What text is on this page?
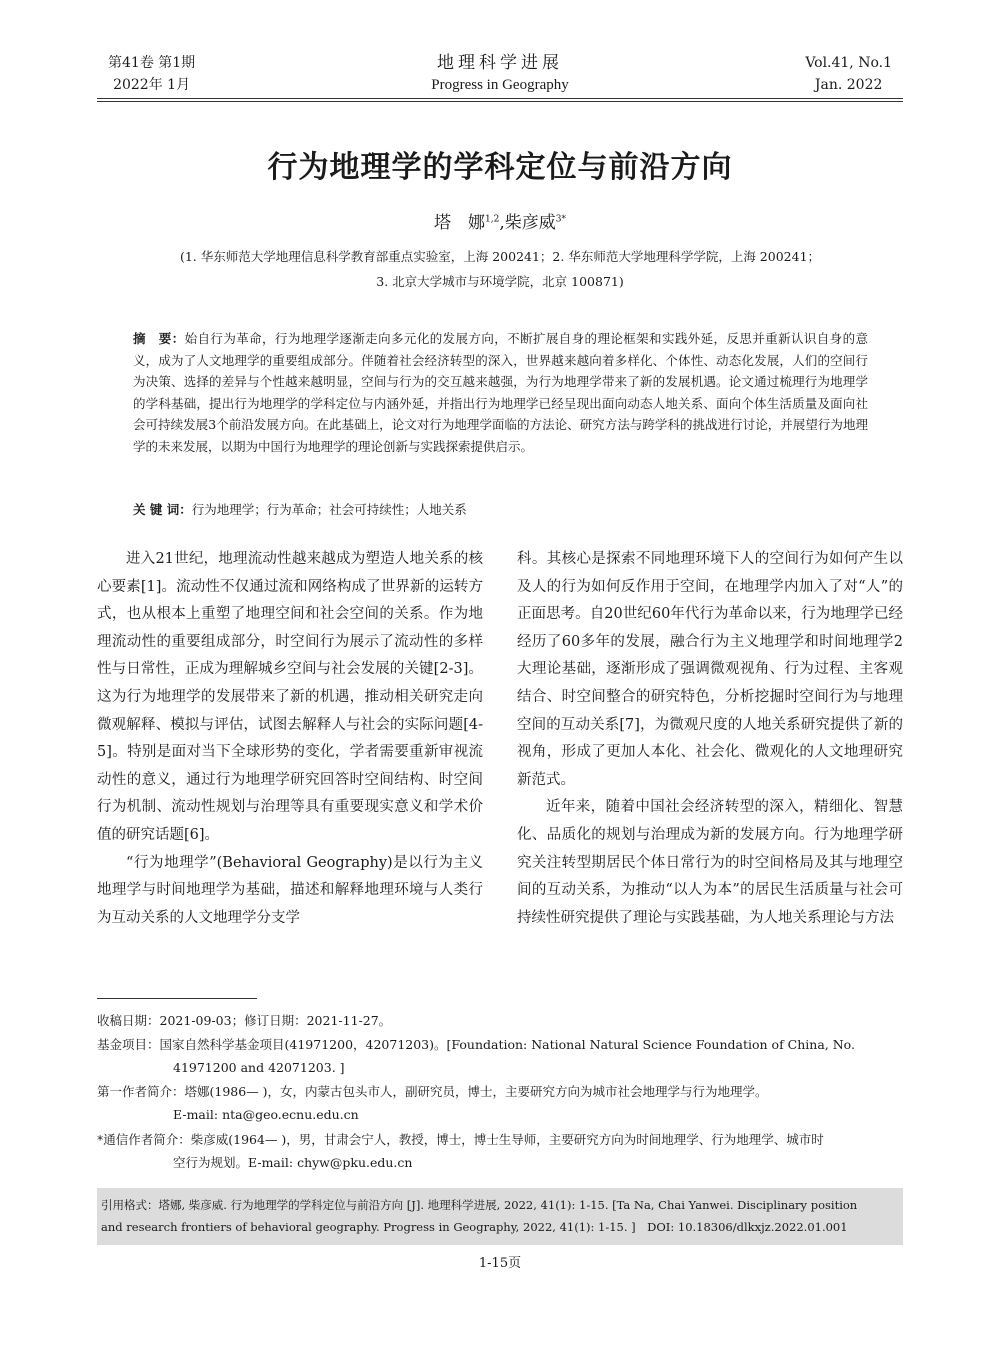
第41卷 第1期
2022年 1月
地理科学进展
Progress in Geography
Vol.41, No.1
Jan. 2022
行为地理学的学科定位与前沿方向
塔　娜$^{1,2}$,柴彦威$^{3*}$
(1. 华东师范大学地理信息科学教育部重点实验室，上海 200241；2. 华东师范大学地理科学学院，上海 200241；
3. 北京大学城市与环境学院，北京 100871)
摘　要：始自行为革命，行为地理学逐渐走向多元化的发展方向，不断扩展自身的理论框架和实践外延，反思并重新认识自身的意义，成为了人文地理学的重要组成部分。伴随着社会经济转型的深入，世界越来越向着多样化、个体性、动态化发展，人们的空间行为决策、选择的差异与个性越来越明显，空间与行为的交互越来越强，为行为地理学带来了新的发展机遇。论文通过梳理行为地理学的学科基础，提出行为地理学的学科定位与内涵外延，并指出行为地理学已经呈现出面向动态人地关系、面向个体生活质量及面向社会可持续发展3个前沿发展方向。在此基础上，论文对行为地理学面临的方法论、研究方法与跨学科的挑战进行讨论，并展望行为地理学的未来发展，以期为中国行为地理学的理论创新与实践探索提供启示。
关 键 词：行为地理学；行为革命；社会可持续性；人地关系

进入21世纪，地理流动性越来越成为塑造人地关系的核心要素[1]。流动性不仅通过流和网络构成了世界新的运转方式，也从根本上重塑了地理空间和社会空间的关系。作为地理流动性的重要组成部分，时空间行为展示了流动性的多样性与日常性，正成为理解城乡空间与社会发展的关键[2-3]。这为行为地理学的发展带来了新的机遇，推动相关研究走向微观解释、模拟与评估，试图去解释人与社会的实际问题[4-5]。特别是面对当下全球形势的变化，学者需要重新审视流动性的意义，通过行为地理学研究回答时空间结构、时空间行为机制、流动性规划与治理等具有重要现实意义和学术价值的研究话题[6]。

“行为地理学”(Behavioral Geography)是以行为主义地理学与时间地理学为基础，描述和解释地理环境与人类行为互动关系的人文地理学分支学

科。其核心是探索不同地理环境下人的空间行为如何产生以及人的行为如何反作用于空间，在地理学内加入了对“人”的正面思考。自20世纪60年代行为革命以来，行为地理学已经经历了60多年的发展，融合行为主义地理学和时间地理学2大理论基础，逐渐形成了强调微观视角、行为过程、主客观结合、时空间整合的研究特色，分析挖掘时空间行为与地理空间的互动关系[7]，为微观尺度的人地关系研究提供了新的视角，形成了更加人本化、社会化、微观化的人文地理研究新范式。

近年来，随着中国社会经济转型的深入，精细化、智慧化、品质化的规划与治理成为新的发展方向。行为地理学研究关注转型期居民个体日常行为的时空间格局及其与地理空间的互动关系，为推动“以人为本”的居民生活质量与社会可持续性研究提供了理论与实践基础，为人地关系理论与方法

收稿日期：2021-09-03；修订日期：2021-11-27。
基金项目：国家自然科学基金项目(41971200，42071203)。[Foundation: National Natural Science Foundation of China, No.
41971200 and 42071203. ]
第一作者简介：塔娜(1986— )，女，内蒙古包头市人，副研究员，博士，主要研究方向为城市社会地理学与行为地理学。
E-mail: nta@geo.ecnu.edu.cn
*通信作者简介：柴彦威(1964— )，男，甘肃会宁人，教授，博士，博士生导师，主要研究方向为时间地理学、行为地理学、城市时
空行为规划。E-mail: chyw@pku.edu.cn
引用格式：塔娜, 柴彦威. 行为地理学的学科定位与前沿方向 [J]. 地理科学进展, 2022, 41(1): 1-15. [Ta Na, Chai Yanwei. Disciplinary position
and research frontiers of behavioral geography. Progress in Geography, 2022, 41(1): 1-15. ]　DOI: 10.18306/dlkxjz.2022.01.001
1-15页
